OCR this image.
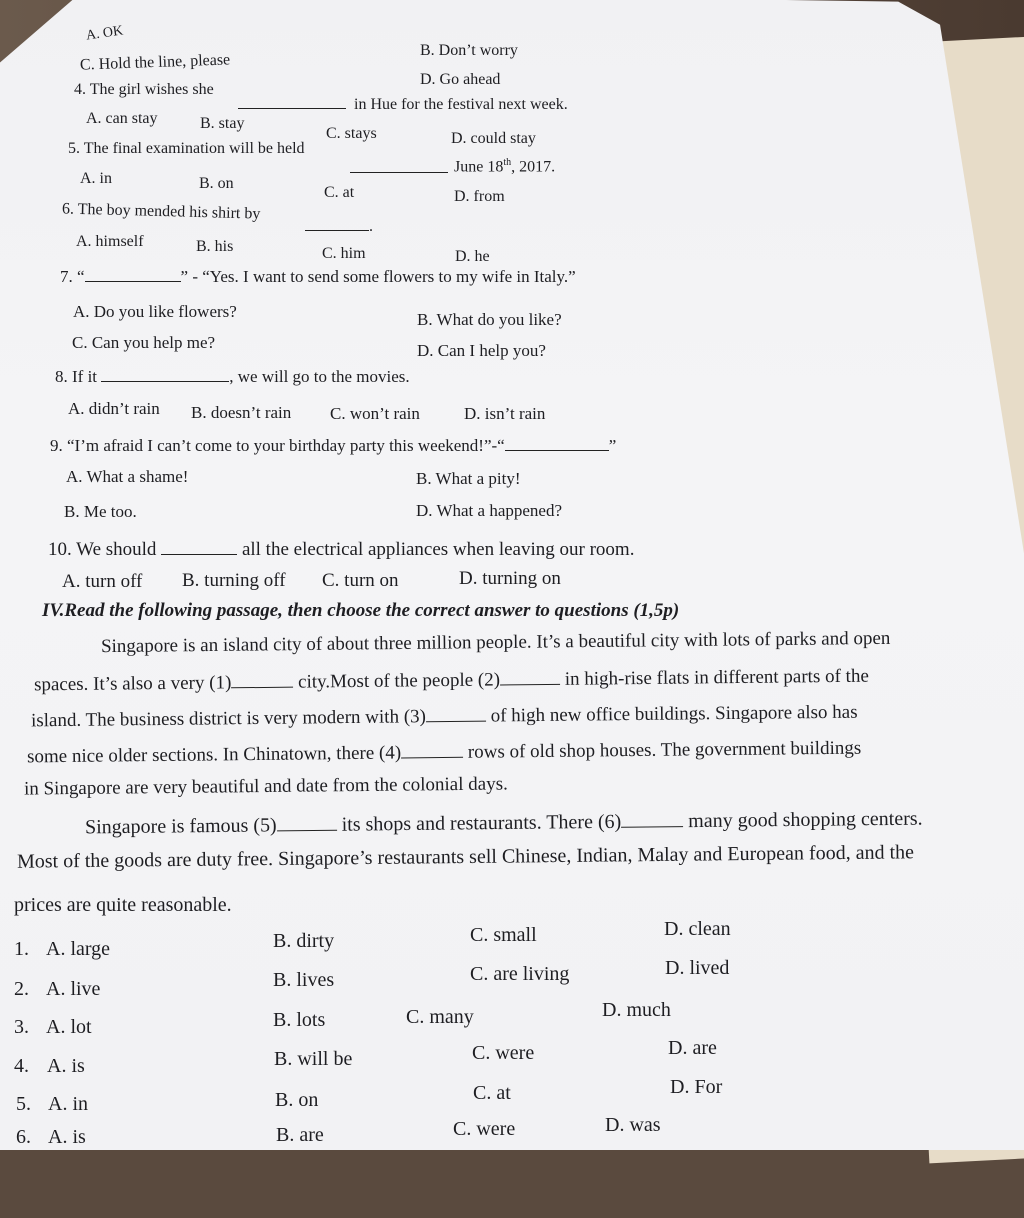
A. OK
B. Don’t worry
C. Hold the line, please
D. Go ahead
4. The girl wishes she
in Hue for the festival next week.
A. can stay	B. stay
C. stays	D. could stay
5. The final examination will be held
June 18th, 2017.
A. in	B. on
C. at	D. from
6. The boy mended his shirt by
.
A. himself	B. his	C. him	D. he
7. “	” - “Yes. I want to send some flowers to my wife in Italy.”
A. Do you like flowers?	B. What do you like?
C. Can you help me?	D. Can I help you?
8. If it	, we will go to the movies.
A. didn’t rain B. doesn’t rain C. won’t rain	D. isn’t rain
9. “I’m afraid I can’t come to your birthday party this weekend!”-“	”
A. What a shame!	B. What a pity!
B. Me too.	D. What a happened?
10. We should	all the electrical appliances when leaving our room.
A. turn off B. turning off C. turn on	D. turning on
IV.Read the following passage, then choose the correct answer to questions (1,5p)
Singapore is an island city of about three million people. It’s a beautiful city with lots of parks and open
spaces. It’s also a very (1)	city.Most of the people (2)	in high-rise flats in different parts of the
island. The business district is very modern with (3)	of high new office buildings. Singapore also has
some nice older sections. In Chinatown, there (4)	rows of old shop houses. The government buildings
in Singapore are very beautiful and date from the colonial days.
Singapore is famous (5)	its shops and restaurants. There (6)	many good shopping centers.
Most of the goods are duty free. Singapore’s restaurants sell Chinese, Indian, Malay and European food, and the
prices are quite reasonable.
1. A. large	B. dirty	C. small	D. clean
2. A. live	B. lives	C. are living	D. lived
3. A. lot	B. lots	C. many	D. much
4. A. is	B. will be	C. were	D. are
5. A. in	B. on	C. at	D. For
6. A. is	B. are	C. were	D. was
